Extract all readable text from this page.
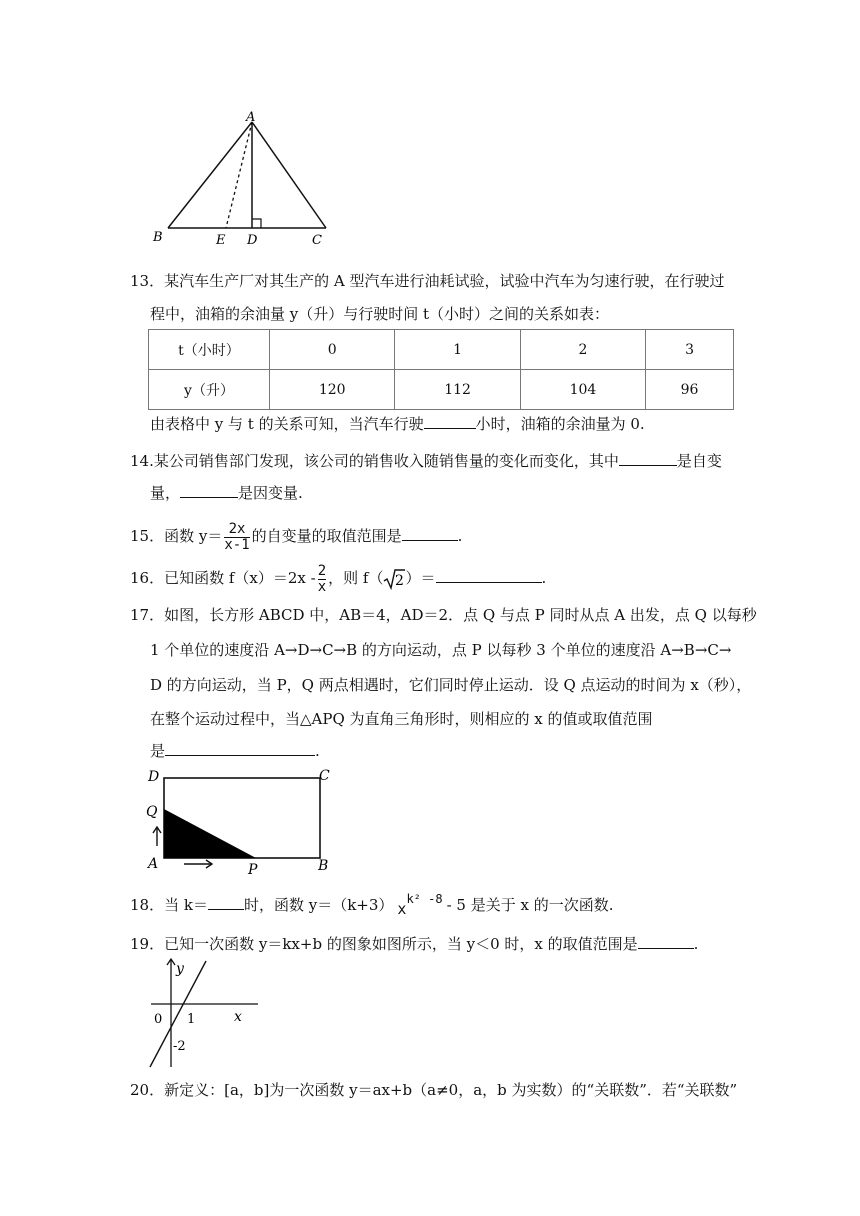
A
B	E D	C
13．某汽车生产厂对其生产的 A 型汽车进行油耗试验，试验中汽车为匀速行驶，在行驶过
程中，油箱的余油量 y（升）与行驶时间 t（小时）之间的关系如表：
t（小时）	0	1	2	3
y（升）	120	112	104	96
由表格中 y 与 t 的关系可知，当汽车行驶	小时，油箱的余油量为 0.
14.某公司销售部门发现，该公司的销售收入随销售量的变化而变化，其中	是自变
量，	是因变量.
15．函数 $y= \frac{2x}{x-1}$ 的自变量的取值范围是	.
16．已知函数 $f(x)=2x - \frac{2}{x}$ ，则 f（ 2 ）＝	.
17．如图，长方形 ABCD 中，AB＝4，AD＝2．点 Q 与点 P 同时从点 A 出发，点 Q 以每秒
1 个单位的速度沿 A→D→C→B 的方向运动，点 P 以每秒 3 个单位的速度沿 A→B→C→
D 的方向运动，当 P，Q 两点相遇时，它们同时停止运动．设 Q 点运动的时间为 x（秒），
在整个运动过程中，当△APQ 为直角三角形时，则相应的 x 的值或取值范围
是	.
D	C
Q
A	P	B
18．当 k＝ 时，函数 y＝（k+3） $x^{k^2 -8} - 5$ 是关于 x 的一次函数.
19．已知一次函数 y＝kx+b 的图象如图所示，当 y＜0 时，x 的取值范围是	.
y
x
0 1
-2
20．新定义：[a，b]为一次函数 y＝ax+b（a≠0，a，b 为实数）的“关联数”．若“关联数”
